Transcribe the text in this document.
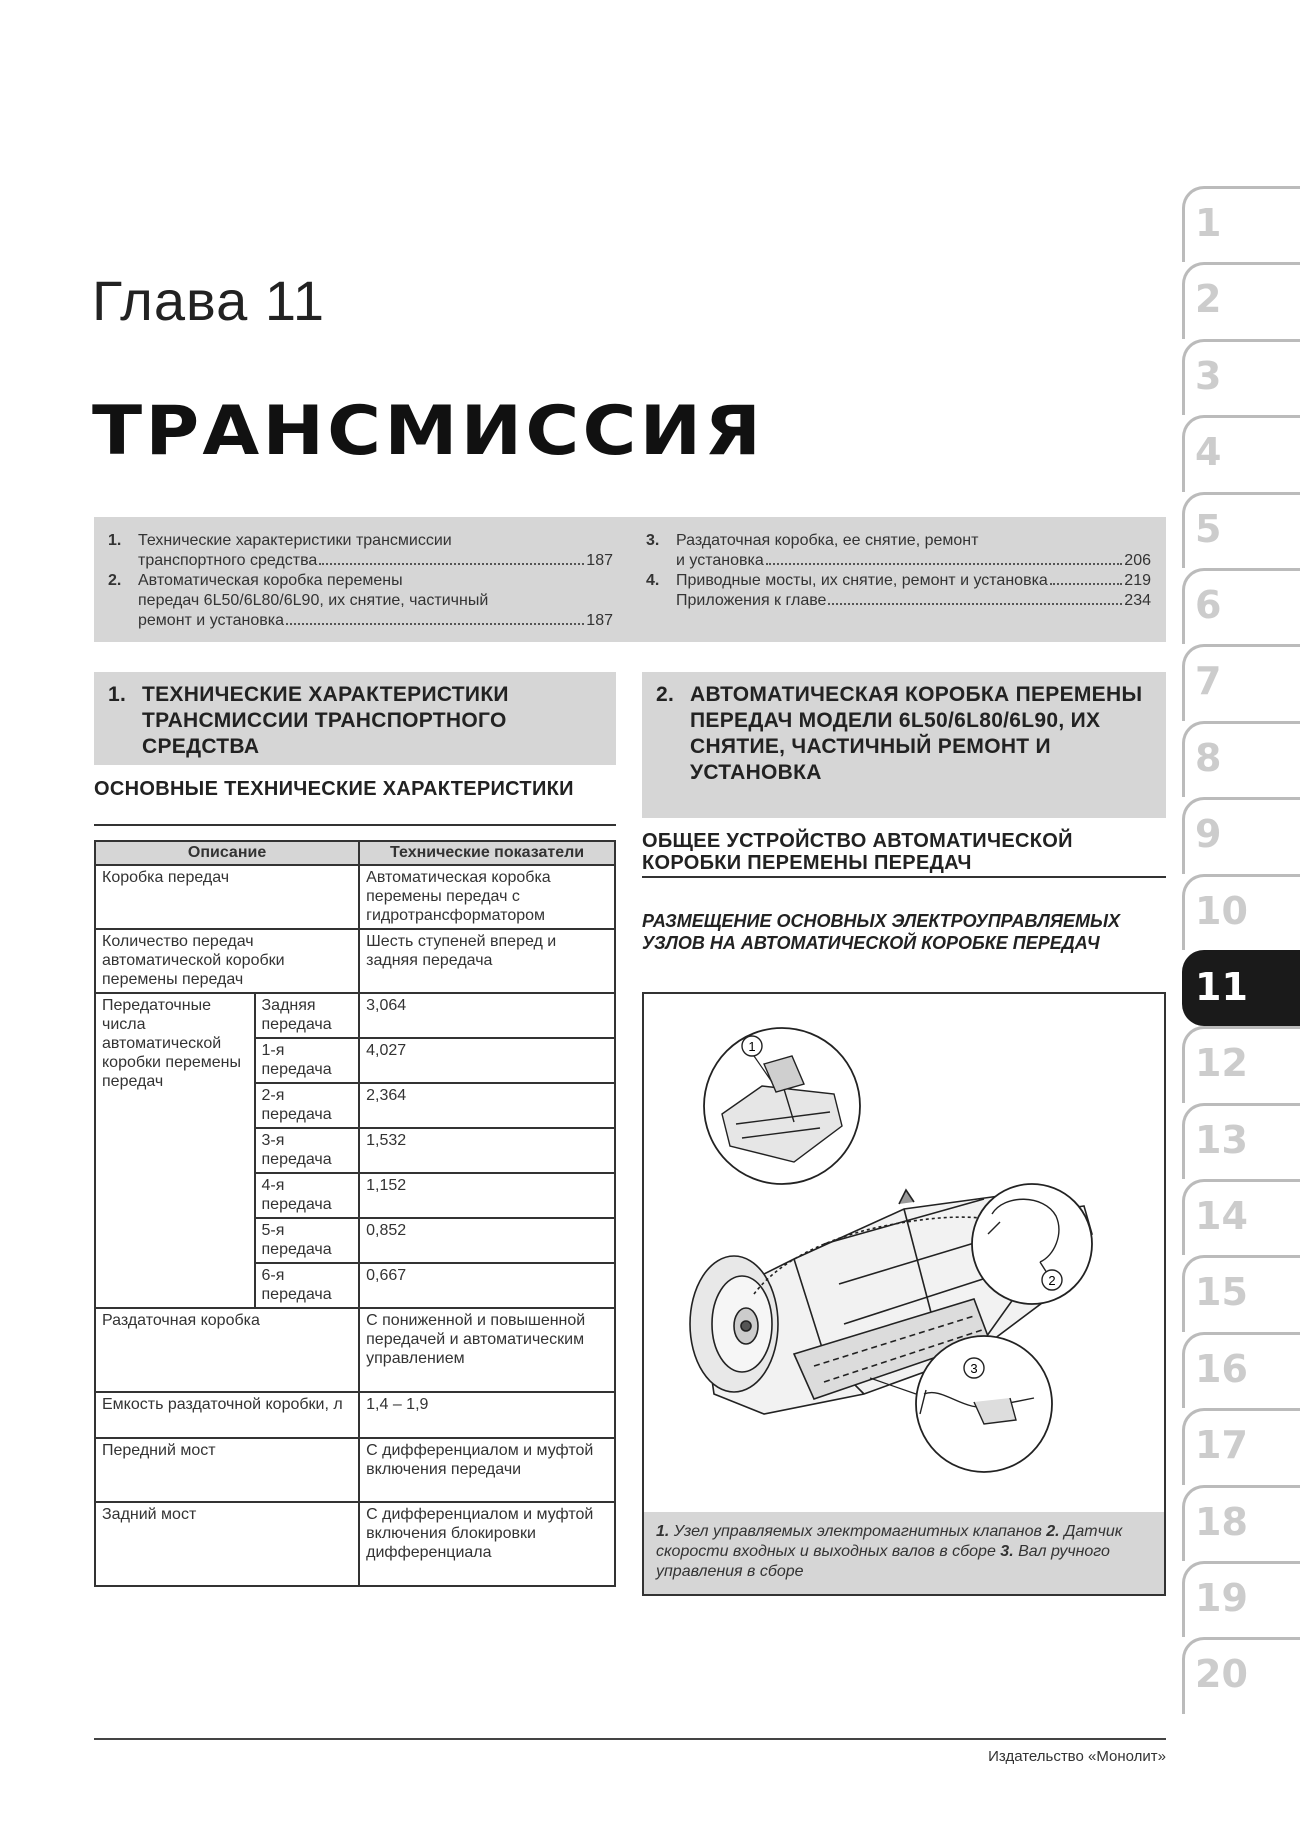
Глава 11
ТРАНСМИССИЯ
1.	Технические характеристики трансмиссии
транспортного средства	187
2.	Автоматическая коробка перемены
передач 6L50/6L80/6L90, их снятие, частичный
ремонт и установка	187
3.	Раздаточная коробка, ее снятие, ремонт
и установка	206
4.	Приводные мосты, их снятие, ремонт и установка	219
Приложения к главе	234
1. ТЕХНИЧЕСКИЕ ХАРАКТЕРИСТИКИ ТРАНСМИССИИ ТРАНСПОРТНОГО СРЕДСТВА
ОСНОВНЫЕ ТЕХНИЧЕСКИЕ ХАРАКТЕРИСТИКИ
2. АВТОМАТИЧЕСКАЯ КОРОБКА ПЕРЕМЕНЫ ПЕРЕДАЧ МОДЕЛИ 6L50/6L80/6L90, ИХ СНЯТИЕ, ЧАСТИЧНЫЙ РЕМОНТ И УСТАНОВКА
ОБЩЕЕ УСТРОЙСТВО АВТОМАТИЧЕСКОЙ КОРОБКИ ПЕРЕМЕНЫ ПЕРЕДАЧ
РАЗМЕЩЕНИЕ ОСНОВНЫХ ЭЛЕКТРОУПРАВЛЯЕМЫХ УЗЛОВ НА АВТОМАТИЧЕСКОЙ КОРОБКЕ ПЕРЕДАЧ
Описание		Технические показатели
Коробка передач		Автоматическая коробка перемены передач с гидротрансформатором
Количество передач автоматической коробки перемены передач		Шесть ступеней вперед и задняя передача
Передаточные числа автоматической коробки перемены передач	Задняя передача	3,064
	1-я передача	4,027
	2-я передача	2,364
	3-я передача	1,532
	4-я передача	1,152
	5-я передача	0,852
	6-я передача	0,667
Раздаточная коробка		С пониженной и повышенной передачей и автоматическим управлением
Емкость раздаточной коробки, л		1,4 – 1,9
Передний мост		С дифференциалом и муфтой включения передачи
Задний мост		С дифференциалом и муфтой включения блокировки дифференциала
1
2
3
1. Узел управляемых электромагнитных клапанов 2. Датчик скорости входных и выходных валов в сборе 3. Вал ручного управления в сборе
Издательство «Монолит»
1
2
3
4
5
6
7
8
9
10
11
12
13
14
15
16
17
18
19
20
